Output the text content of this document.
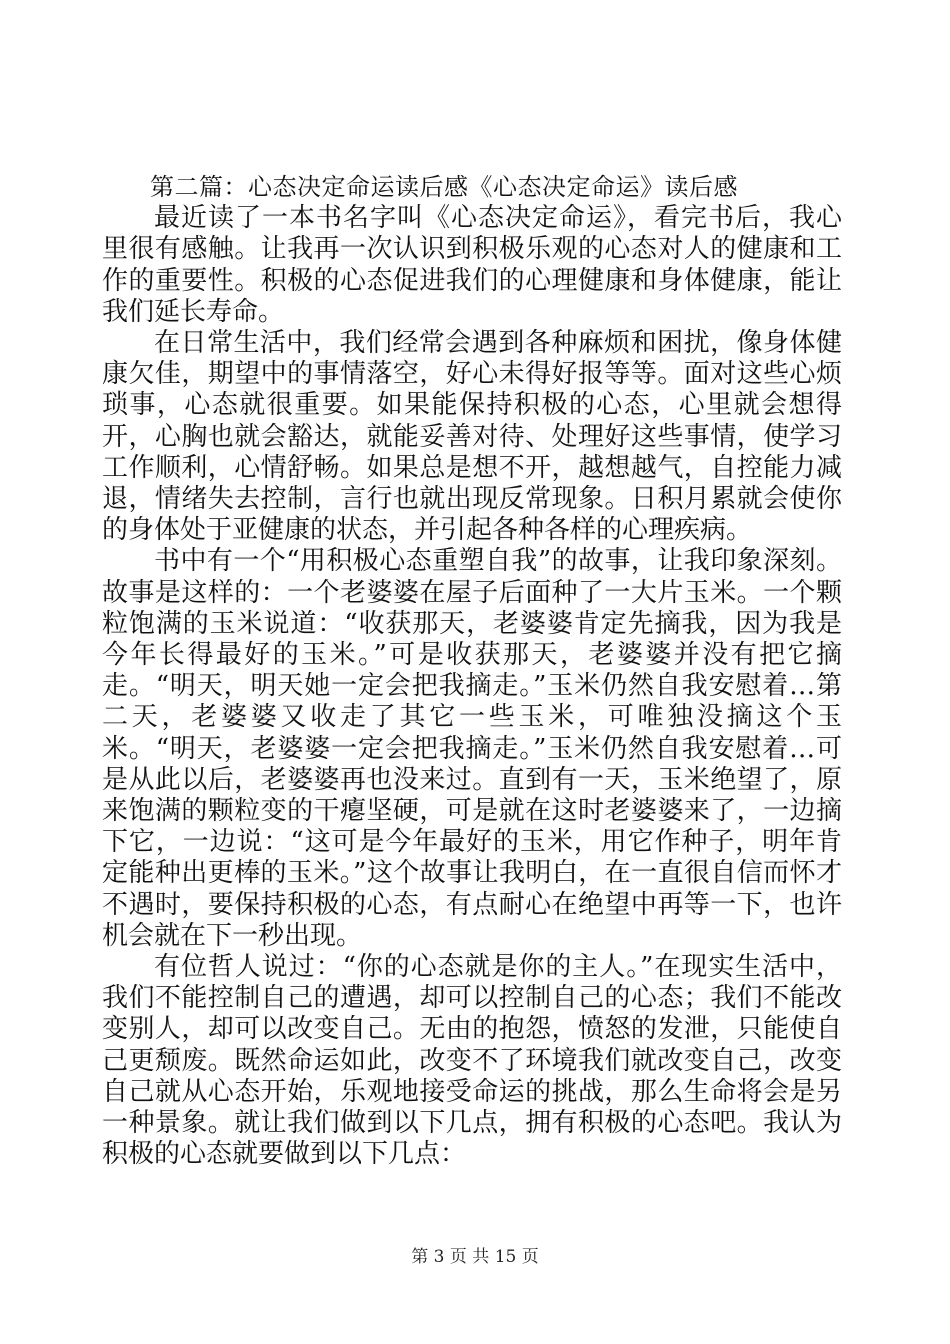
第二篇：心态决定命运读后感《心态决定命运》读后感

最近读了一本书名字叫《心态决定命运》，看完书后，我心里很有感触。让我再一次认识到积极乐观的心态对人的健康和工作的重要性。积极的心态促进我们的心理健康和身体健康，能让我们延长寿命。

在日常生活中，我们经常会遇到各种麻烦和困扰，像身体健康欠佳，期望中的事情落空，好心未得好报等等。面对这些心烦琐事，心态就很重要。如果能保持积极的心态，心里就会想得开，心胸也就会豁达，就能妥善对待、处理好这些事情，使学习工作顺利，心情舒畅。如果总是想不开，越想越气，自控能力减退，情绪失去控制，言行也就出现反常现象。日积月累就会使你的身体处于亚健康的状态，并引起各种各样的心理疾病。

书中有一个“用积极心态重塑自我”的故事，让我印象深刻。故事是这样的：一个老婆婆在屋子后面种了一大片玉米。一个颗粒饱满的玉米说道：“收获那天，老婆婆肯定先摘我，因为我是今年长得最好的玉米。”可是收获那天，老婆婆并没有把它摘走。“明天，明天她一定会把我摘走。”玉米仍然自我安慰着…第二天，老婆婆又收走了其它一些玉米，可唯独没摘这个玉米。“明天，老婆婆一定会把我摘走。”玉米仍然自我安慰着…可是从此以后，老婆婆再也没来过。直到有一天，玉米绝望了，原来饱满的颗粒变的干瘪坚硬，可是就在这时老婆婆来了，一边摘下它，一边说：“这可是今年最好的玉米，用它作种子，明年肯定能种出更棒的玉米。”这个故事让我明白，在一直很自信而怀才不遇时，要保持积极的心态，有点耐心在绝望中再等一下，也许机会就在下一秒出现。

有位哲人说过：“你的心态就是你的主人。”在现实生活中，我们不能控制自己的遭遇，却可以控制自己的心态；我们不能改变别人，却可以改变自己。无由的抱怨，愤怒的发泄，只能使自己更颓废。既然命运如此，改变不了环境我们就改变自己，改变自己就从心态开始，乐观地接受命运的挑战，那么生命将会是另一种景象。就让我们做到以下几点，拥有积极的心态吧。我认为积极的心态就要做到以下几点：

第 3 页 共 15 页
